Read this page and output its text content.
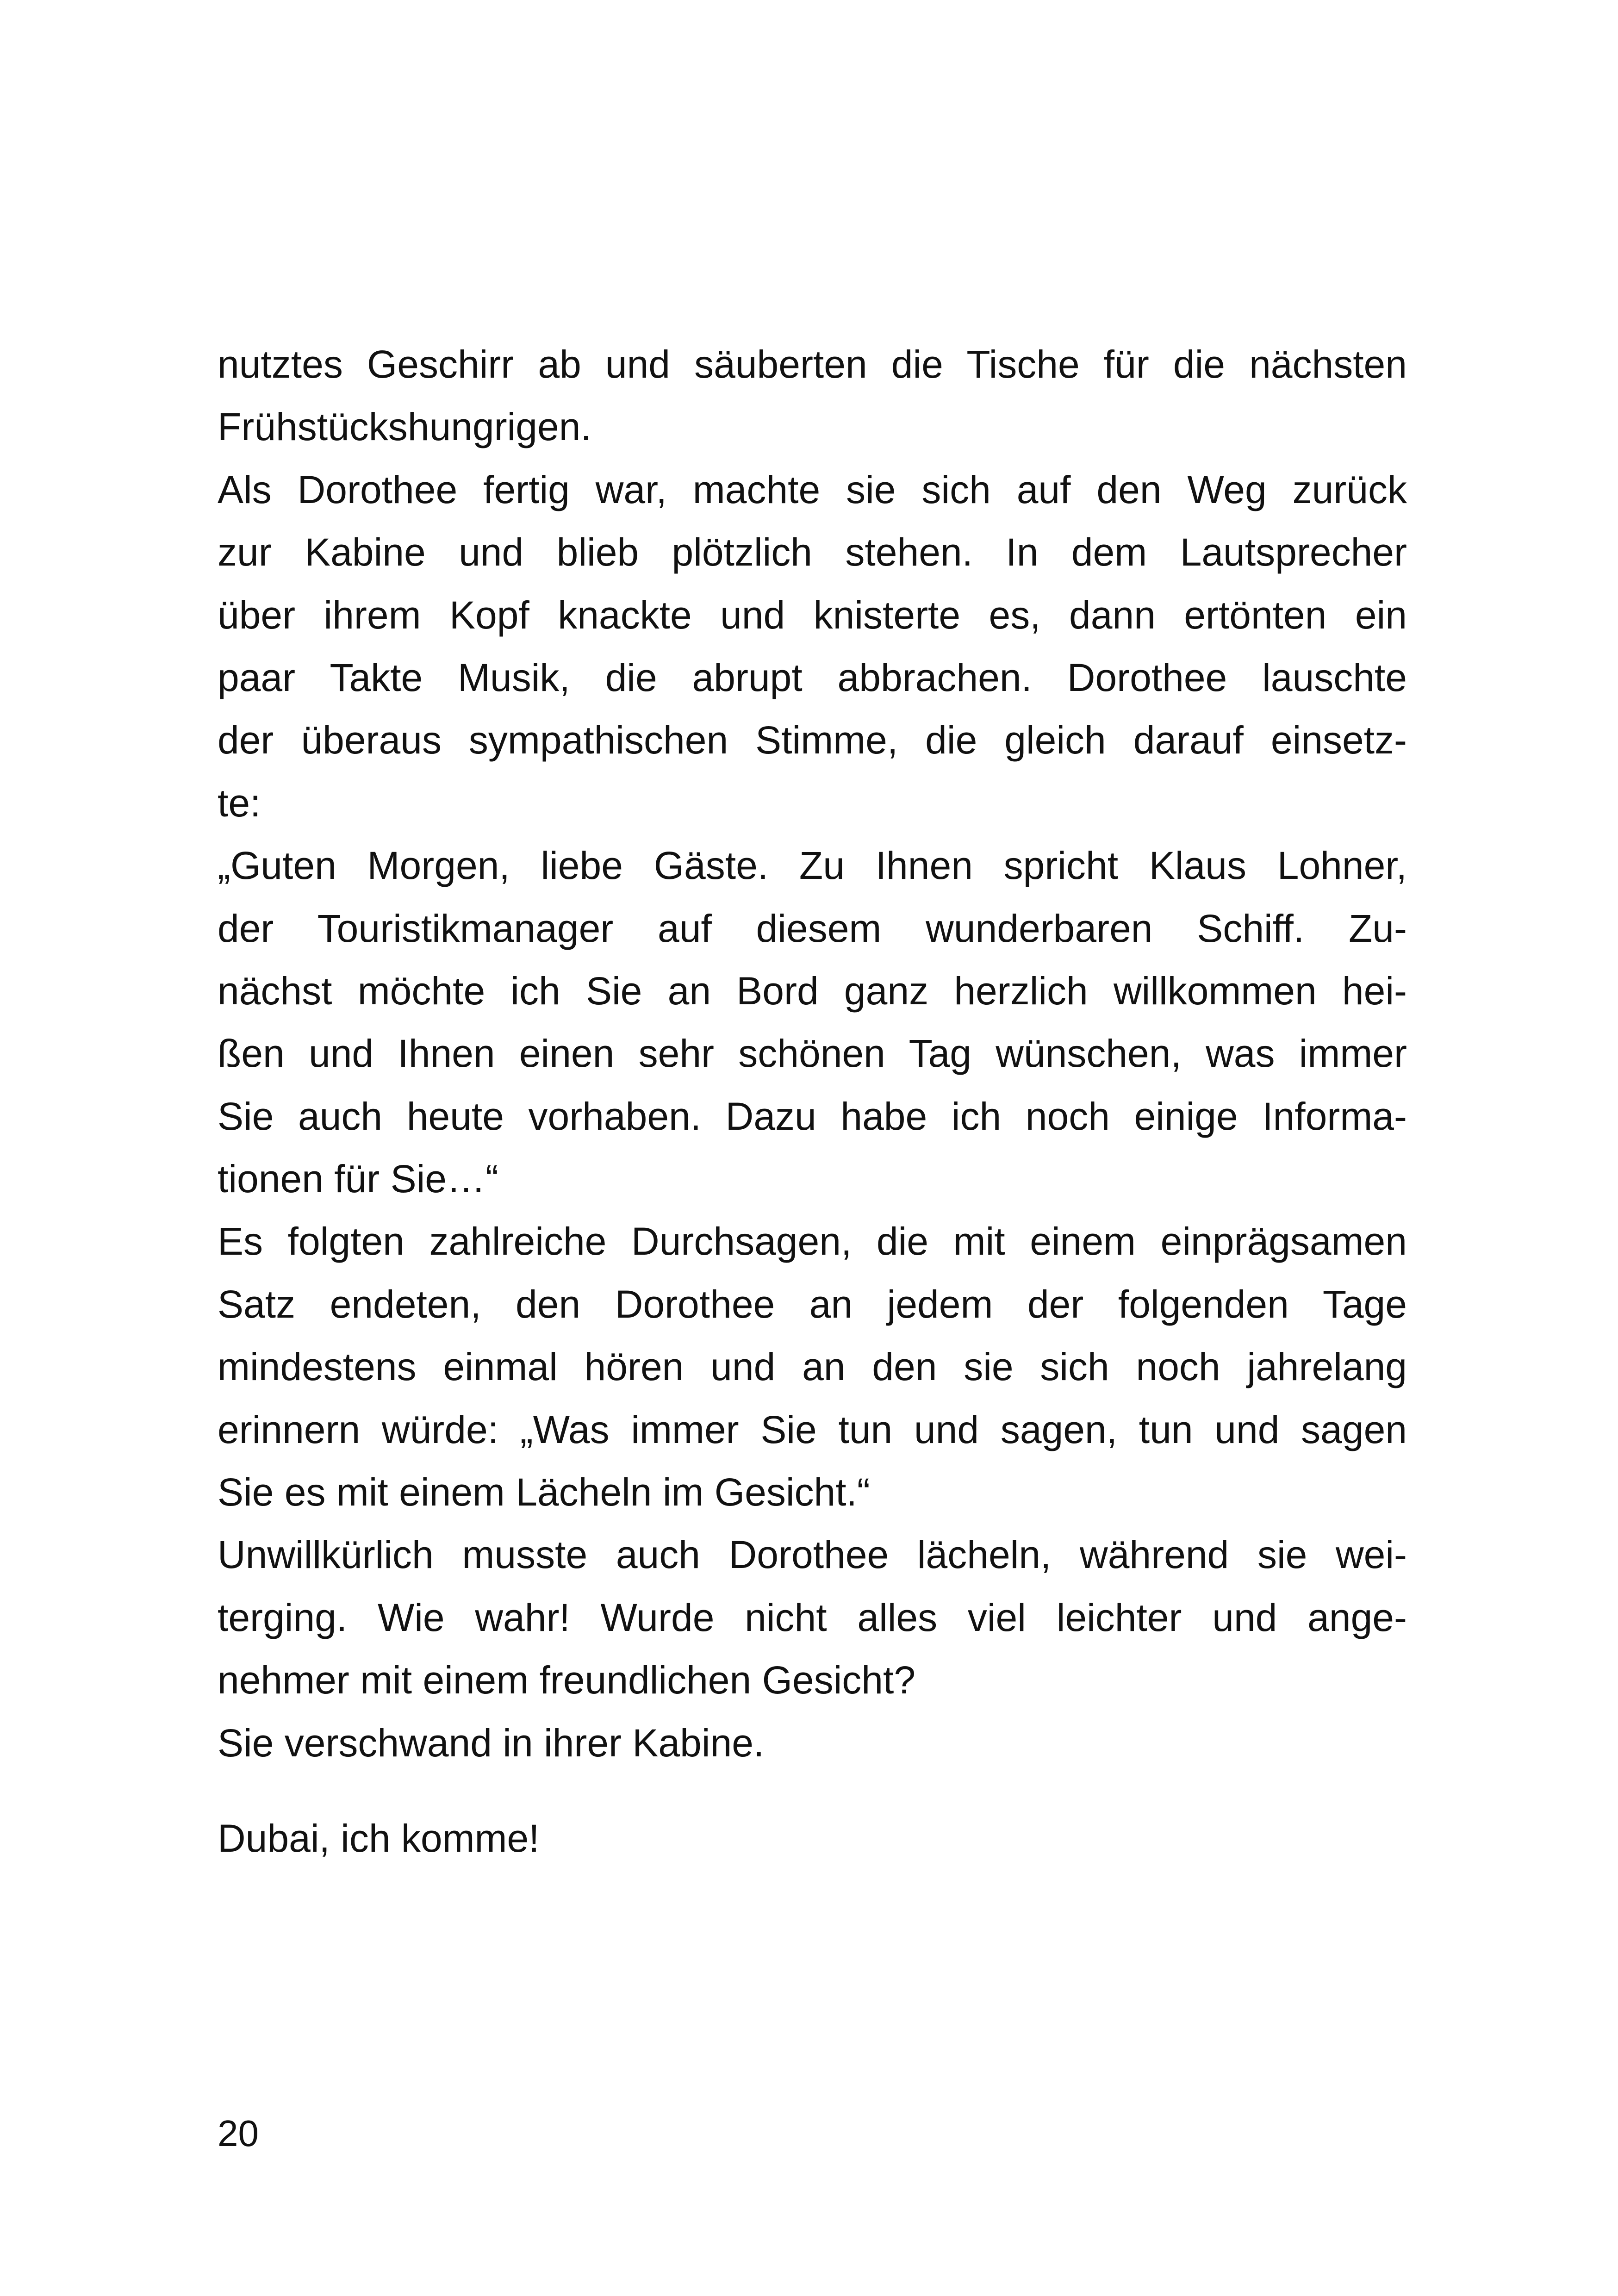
nutztes Geschirr ab und säuberten die Tische für die nächsten
Frühstückshungrigen.
Als Dorothee fertig war, machte sie sich auf den Weg zurück
zur Kabine und blieb plötzlich stehen. In dem Lautsprecher
über ihrem Kopf knackte und knisterte es, dann ertönten ein
paar Takte Musik, die abrupt abbrachen. Dorothee lauschte
der überaus sympathischen Stimme, die gleich darauf einsetz-
te:
„Guten Morgen, liebe Gäste. Zu Ihnen spricht Klaus Lohner,
der Touristikmanager auf diesem wunderbaren Schiff. Zu-
nächst möchte ich Sie an Bord ganz herzlich willkommen hei-
ßen und Ihnen einen sehr schönen Tag wünschen, was immer
Sie auch heute vorhaben. Dazu habe ich noch einige Informa-
tionen für Sie…“
Es folgten zahlreiche Durchsagen, die mit einem einprägsamen
Satz endeten, den Dorothee an jedem der folgenden Tage
mindestens einmal hören und an den sie sich noch jahrelang
erinnern würde: „Was immer Sie tun und sagen, tun und sagen
Sie es mit einem Lächeln im Gesicht.“
Unwillkürlich musste auch Dorothee lächeln, während sie wei-
terging. Wie wahr! Wurde nicht alles viel leichter und ange-
nehmer mit einem freundlichen Gesicht?
Sie verschwand in ihrer Kabine.
Dubai, ich komme!
20
